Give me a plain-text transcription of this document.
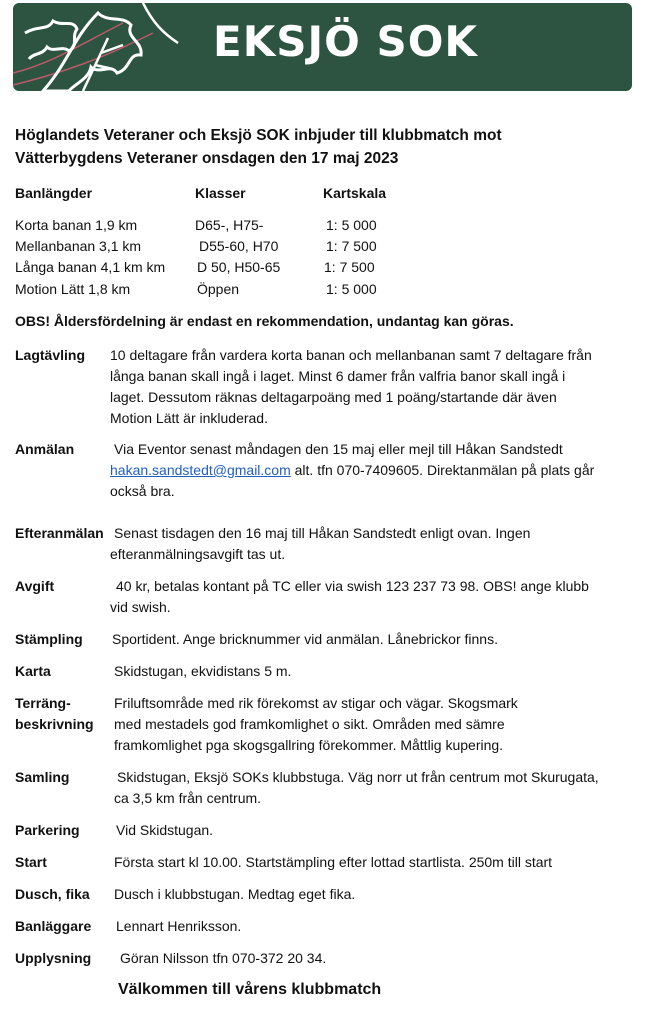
EKSJÖ SOK
Höglandets Veteraner och Eksjö SOK inbjuder till klubbmatch mot
Vätterbygdens Veteraner onsdagen den 17 maj 2023
Banlängder	Klasser	Kartskala
Korta banan 1,9 km	D65-, H75-	1: 5 000
Mellanbanan 3,1 km	D55-60, H70	1: 7 500
Långa banan 4,1 km km D 50, H50-65	1: 7 500
Motion Lätt 1,8 km	Öppen	1: 5 000
OBS! Åldersfördelning är endast en rekommendation, undantag kan göras.
Lagtävling 10 deltagare från vardera korta banan och mellanbanan samt 7 deltagare från
långa banan skall ingå i laget. Minst 6 damer från valfria banor skall ingå i
laget. Dessutom räknas deltagarpoäng med 1 poäng/startande där även
Motion Lätt är inkluderad.
Anmälan	Via Eventor senast måndagen den 15 maj eller mejl till Håkan Sandstedt
hakan.sandstedt@gmail.com alt. tfn 070-7409605. Direktanmälan på plats går
också bra.
Efteranmälan Senast tisdagen den 16 maj till Håkan Sandstedt enligt ovan. Ingen
efteranmälningsavgift tas ut.
Avgift	40 kr, betalas kontant på TC eller via swish 123 237 73 98. OBS! ange klubb
vid swish.
Stämpling Sportident. Ange bricknummer vid anmälan. Lånebrickor finns.
Karta	Skidstugan, ekvidistans 5 m.
Terräng-
beskrivning
Friluftsområde med rik förekomst av stigar och vägar. Skogsmark
med mestadels god framkomlighet o sikt. Områden med sämre
framkomlighet pga skogsgallring förekommer. Måttlig kupering.
Samling	Skidstugan, Eksjö SOKs klubbstuga. Väg norr ut från centrum mot Skurugata,
ca 3,5 km från centrum.
Parkering	Vid Skidstugan.
Start	Första start kl 10.00. Startstämpling efter lottad startlista. 250m till start
Dusch, fika Dusch i klubbstugan. Medtag eget fika.
Banläggare Lennart Henriksson.
Upplysning Göran Nilsson tfn 070-372 20 34.
Välkommen till vårens klubbmatch
